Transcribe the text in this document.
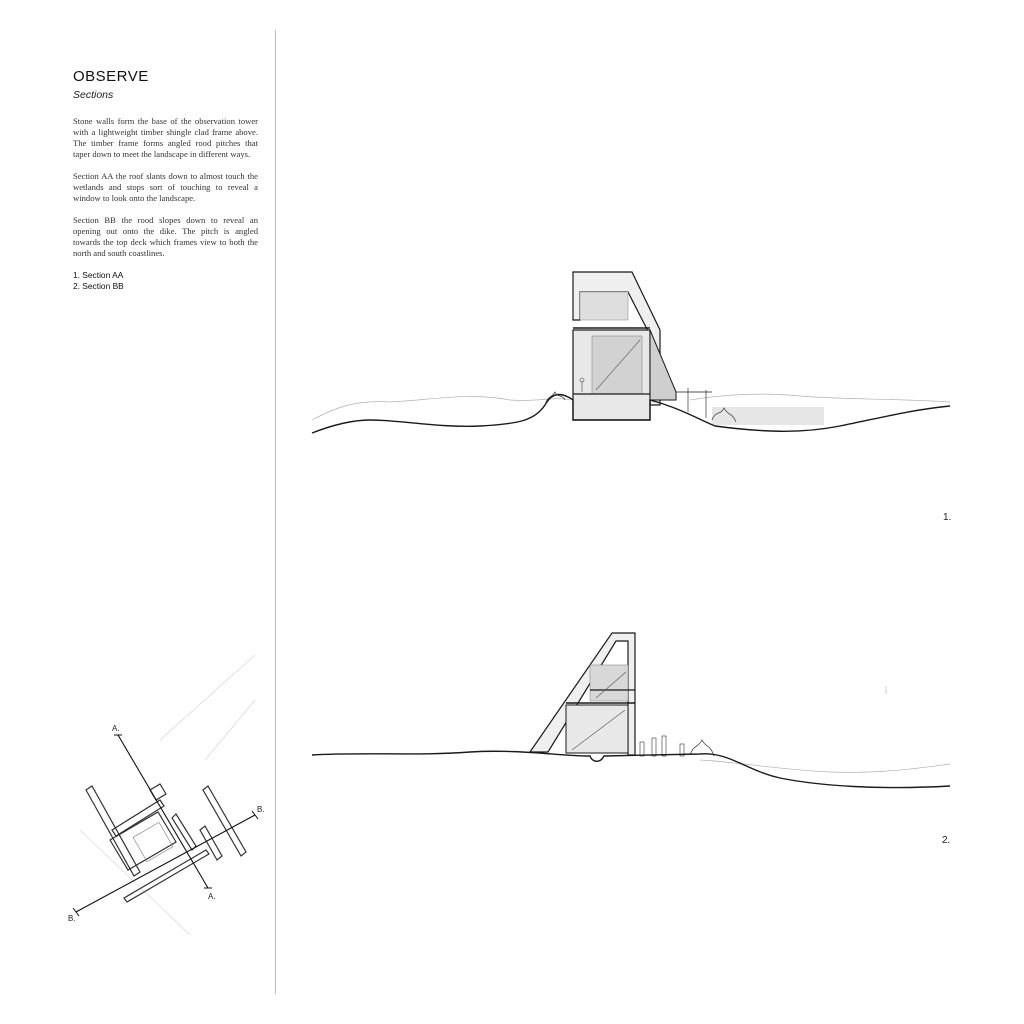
OBSERVE
Sections

Stone walls form the base of the observation tower with a lightweight timber shingle clad frame above. The timber frame forms angled rood pitches that taper down to meet the landscape in different ways.

Section AA the roof slants down to almost touch the wetlands and stops sort of touching to reveal a window to look onto the landscape.

Section BB the rood slopes down to reveal an opening out onto the dike. The pitch is angled towards the top deck which frames view to both the north and south coastlines.

1. Section AA
2. Section BB
1.
2.
A.
A.
B.
B.
